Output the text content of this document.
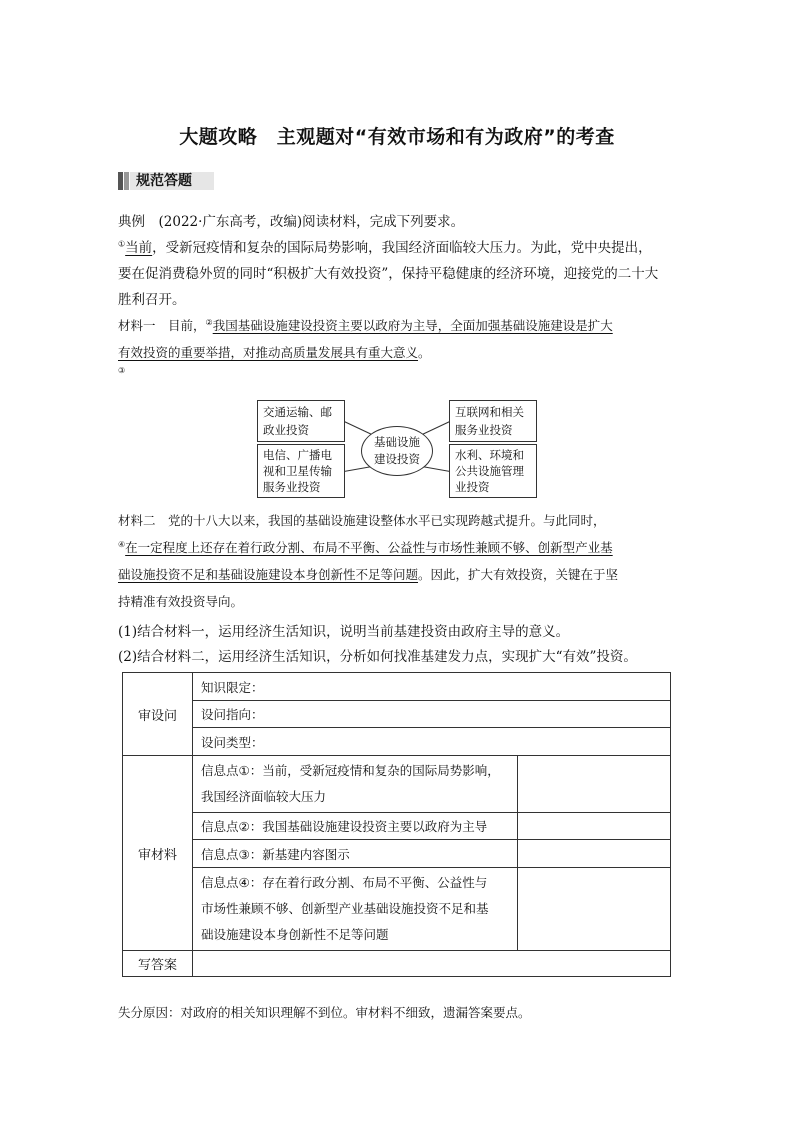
大题攻略　主观题对“有效市场和有为政府”的考查
规范答题
典例　(2022·广东高考，改编)阅读材料，完成下列要求。
①当前，受新冠疫情和复杂的国际局势影响，我国经济面临较大压力。为此，党中央提出，
要在促消费稳外贸的同时“积极扩大有效投资”，保持平稳健康的经济环境，迎接党的二十大
胜利召开。
材料一　目前，②我国基础设施建设投资主要以政府为主导，全面加强基础设施建设是扩大
有效投资的重要举措，对推动高质量发展具有重大意义。
③
交通运输、邮
政业投资
电信、广播电
视和卫星传输
服务业投资
基础设施
建设投资
互联网和相关
服务业投资
水利、环境和
公共设施管理
业投资
材料二　党的十八大以来，我国的基础设施建设整体水平已实现跨越式提升。与此同时，
④在一定程度上还存在着行政分割、布局不平衡、公益性与市场性兼顾不够、创新型产业基
础设施投资不足和基础设施建设本身创新性不足等问题。因此，扩大有效投资，关键在于坚
持精准有效投资导向。
(1)结合材料一，运用经济生活知识，说明当前基建投资由政府主导的意义。
(2)结合材料二，运用经济生活知识，分析如何找准基建发力点，实现扩大“有效”投资。
审设问	知识限定：	
	设问指向：	
	设问类型：	
审材料	信息点①：当前，受新冠疫情和复杂的国际局势影响，
我国经济面临较大压力	
	信息点②：我国基础设施建设投资主要以政府为主导	
	信息点③：新基建内容图示	
	信息点④：存在着行政分割、布局不平衡、公益性与
市场性兼顾不够、创新型产业基础设施投资不足和基
础设施建设本身创新性不足等问题	
写答案		
失分原因：对政府的相关知识理解不到位。审材料不细致，遗漏答案要点。
